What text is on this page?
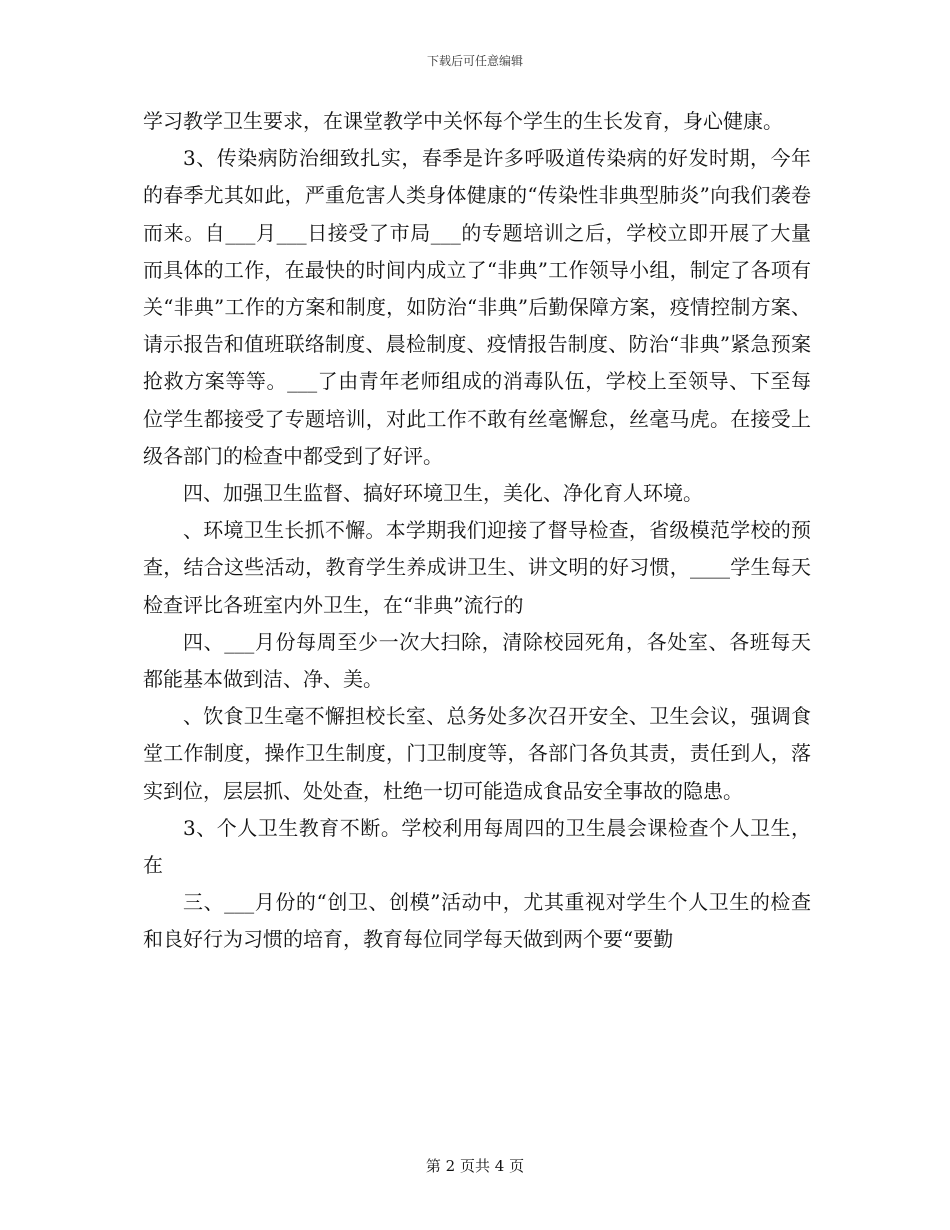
下载后可任意编辑

学习教学卫生要求，在课堂教学中关怀每个学生的生长发育，身心健康。

3、传染病防治细致扎实，春季是许多呼吸道传染病的好发时期，今年的春季尤其如此，严重危害人类身体健康的“传染性非典型肺炎”向我们袭卷而来。自___月___日接受了市局___的专题培训之后，学校立即开展了大量而具体的工作，在最快的时间内成立了“非典”工作领导小组，制定了各项有关“非典”工作的方案和制度，如防治“非典”后勤保障方案，疫情控制方案、请示报告和值班联络制度、晨检制度、疫情报告制度、防治“非典”紧急预案抢救方案等等。___了由青年老师组成的消毒队伍，学校上至领导、下至每位学生都接受了专题培训，对此工作不敢有丝毫懈怠，丝毫马虎。在接受上级各部门的检查中都受到了好评。

四、加强卫生监督、搞好环境卫生，美化、净化育人环境。

、环境卫生长抓不懈。本学期我们迎接了督导检查，省级模范学校的预查，结合这些活动，教育学生养成讲卫生、讲文明的好习惯，____学生每天检查评比各班室内外卫生，在“非典”流行的

四、___月份每周至少一次大扫除，清除校园死角，各处室、各班每天都能基本做到洁、净、美。

、饮食卫生毫不懈担校长室、总务处多次召开安全、卫生会议，强调食堂工作制度，操作卫生制度，门卫制度等，各部门各负其责，责任到人，落实到位，层层抓、处处查，杜绝一切可能造成食品安全事故的隐患。

3、个人卫生教育不断。学校利用每周四的卫生晨会课检查个人卫生，在

三、___月份的“创卫、创模”活动中，尤其重视对学生个人卫生的检查和良好行为习惯的培育，教育每位同学每天做到两个要“要勤

第 2 页共 4 页
